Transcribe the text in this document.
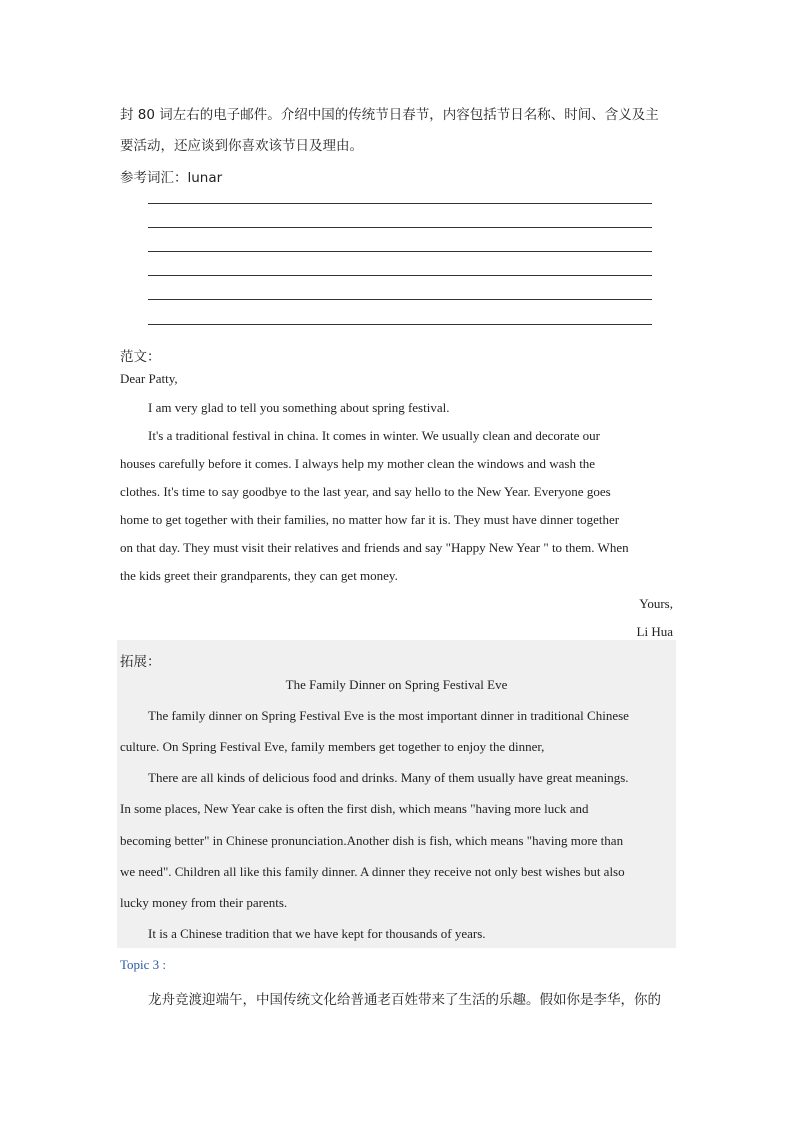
封 80 词左右的电子邮件。介绍中国的传统节日春节，内容包括节日名称、时间、含义及主
要活动，还应谈到你喜欢该节日及理由。
参考词汇：lunar
范文：
Dear Patty,
I am very glad to tell you something about spring festival.
It's a traditional festival in china. It comes in winter. We usually clean and decorate our
houses carefully before it comes. I always help my mother clean the windows and wash the
clothes. It's time to say goodbye to the last year, and say hello to the New Year. Everyone goes
home to get together with their families, no matter how far it is. They must have dinner together
on that day. They must visit their relatives and friends and say "Happy New Year " to them. When
the kids greet their grandparents, they can get money.
Yours,
Li Hua
拓展：
The Family Dinner on Spring Festival Eve
The family dinner on Spring Festival Eve is the most important dinner in traditional Chinese
culture. On Spring Festival Eve, family members get together to enjoy the dinner,
There are all kinds of delicious food and drinks. Many of them usually have great meanings.
In some places, New Year cake is often the first dish, which means "having more luck and
becoming better" in Chinese pronunciation.Another dish is fish, which means "having more than
we need". Children all like this family dinner. A dinner they receive not only best wishes but also
lucky money from their parents.
It is a Chinese tradition that we have kept for thousands of years.
Topic 3 :
龙舟竞渡迎端午，中国传统文化给普通老百姓带来了生活的乐趣。假如你是李华，你的
